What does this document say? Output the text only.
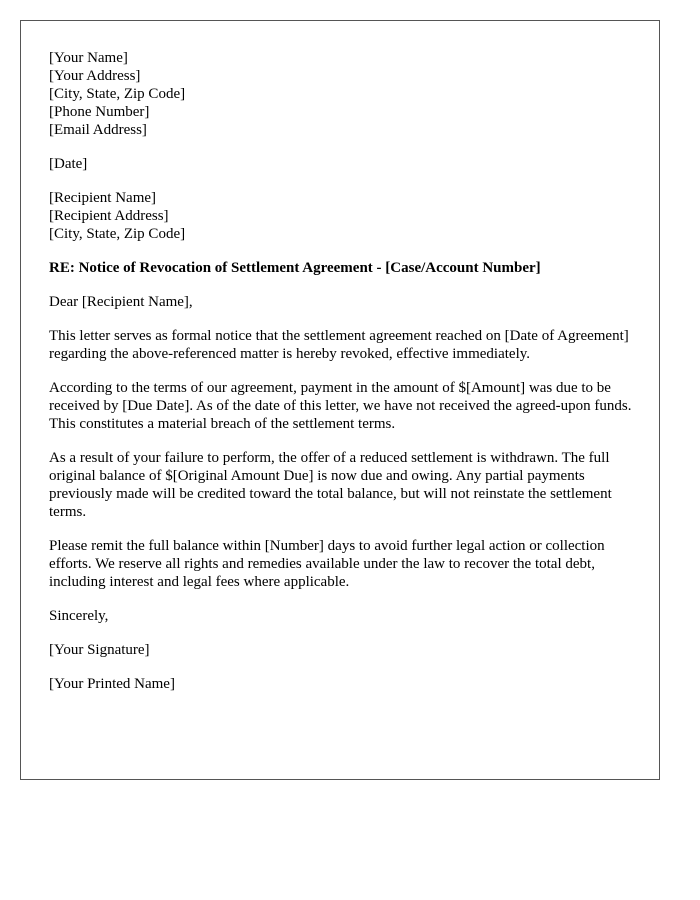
[Your Name]
[Your Address]
[City, State, Zip Code]
[Phone Number]
[Email Address]
[Date]
[Recipient Name]
[Recipient Address]
[City, State, Zip Code]
RE: Notice of Revocation of Settlement Agreement - [Case/Account Number]
Dear [Recipient Name],

This letter serves as formal notice that the settlement agreement reached on [Date of Agreement] regarding the above-referenced matter is hereby revoked, effective immediately.

According to the terms of our agreement, payment in the amount of $[Amount] was due to be received by [Due Date]. As of the date of this letter, we have not received the agreed-upon funds. This constitutes a material breach of the settlement terms.

As a result of your failure to perform, the offer of a reduced settlement is withdrawn. The full original balance of $[Original Amount Due] is now due and owing. Any partial payments previously made will be credited toward the total balance, but will not reinstate the settlement terms.

Please remit the full balance within [Number] days to avoid further legal action or collection efforts. We reserve all rights and remedies available under the law to recover the total debt, including interest and legal fees where applicable.

Sincerely,
[Your Signature]
[Your Printed Name]
